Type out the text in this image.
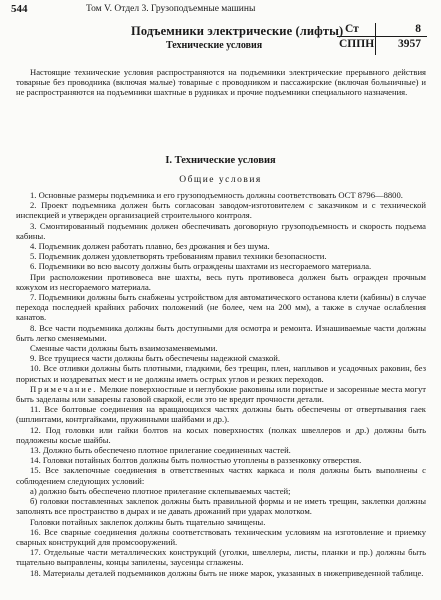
544	Том V. Отдел 3. Грузоподъемные машины
Подъемники электрические (лифты)
Технические условия
Ст	8
СППН 3957

Настоящие технические условия распространяются на подъемники электрические прерывного действия товарные без проводника (включая малые) товарные с проводником и пассажирские (включая больничные) и не распространяются на подъемники шахтные в рудниках и прочие подъемники специального назначения.

I. Технические условия
Общие условия

1. Основные размеры подъемника и его грузоподъемность должны соответствовать ОСТ 8796—8800.

2. Проект подъемника должен быть согласован заводом-изготовителем с заказчиком и с технической инспекцией и утвержден организацией строительного контроля.

3. Смонтированный подъемник должен обеспечивать договорную грузоподъемность и скорость подъема кабины.

4. Подъемник должен работать плавно, без дрожания и без шума.

5. Подъемник должен удовлетворять требованиям правил техники безопасности.

6. Подъемники во всю высоту должны быть ограждены шахтами из несгораемого материала.

При расположении противовеса вне шахты, весь путь противовеса должен быть огражден прочным кожухом из несгораемого материала.

7. Подъемники должны быть снабжены устройством для автоматического останова клети (кабины) в случае перехода последней крайних рабочих положений (не более, чем на 200 мм), а также в случае ослабления канатов.

8. Все части подъемника должны быть доступными для осмотра и ремонта. Изнашиваемые части должны быть легко сменяемыми.

Сменные части должны быть взаимозаменяемыми.

9. Все трущиеся части должны быть обеспечены надежной смазкой.

10. Все отливки должны быть плотными, гладкими, без трещин, плен, наплывов и усадочных раковин, без пористых и ноздреватых мест и не должны иметь острых углов и резких переходов.

Примечание. Мелкие поверхностные и неглубокие раковины или пористые и засоренные места могут быть заделаны или заварены газовой сваркой, если это не вредит прочности детали.

11. Все болтовые соединения на вращающихся частях должны быть обеспечены от отвертывания гаек (шплинтами, контргайками, пружинными шайбами и др.).

12. Под головки или гайки болтов на косых поверхностях (полках швеллеров и др.) должны быть подложены косые шайбы.

13. Должно быть обеспечено плотное прилегание соединенных частей.

14. Головки потайных болтов должны быть полностью утоплены в раззенковку отверстия.

15. Все заклепочные соединения в ответственных частях каркаса и поля должны быть выполнены с соблюдением следующих условий:

а) должно быть обеспечено плотное прилегание склепываемых частей;

б) головки поставленных заклепок должны быть правильной формы и не иметь трещин, заклепки должны заполнять все пространство в дырах и не давать дрожаний при ударах молотком.

Головки потайных заклепок должны быть тщательно зачищены.

16. Все сварные соединения должны соответствовать техническим условиям на изготовление и приемку сварных конструкций для промсооружений.

17. Отдельные части металлических конструкций (уголки, швеллеры, листы, планки и пр.) должны быть тщательно выправлены, концы запилены, заусенцы сглажены.

18. Материалы деталей подъемников должны быть не ниже марок, указанных в нижеприведенной таблице.
